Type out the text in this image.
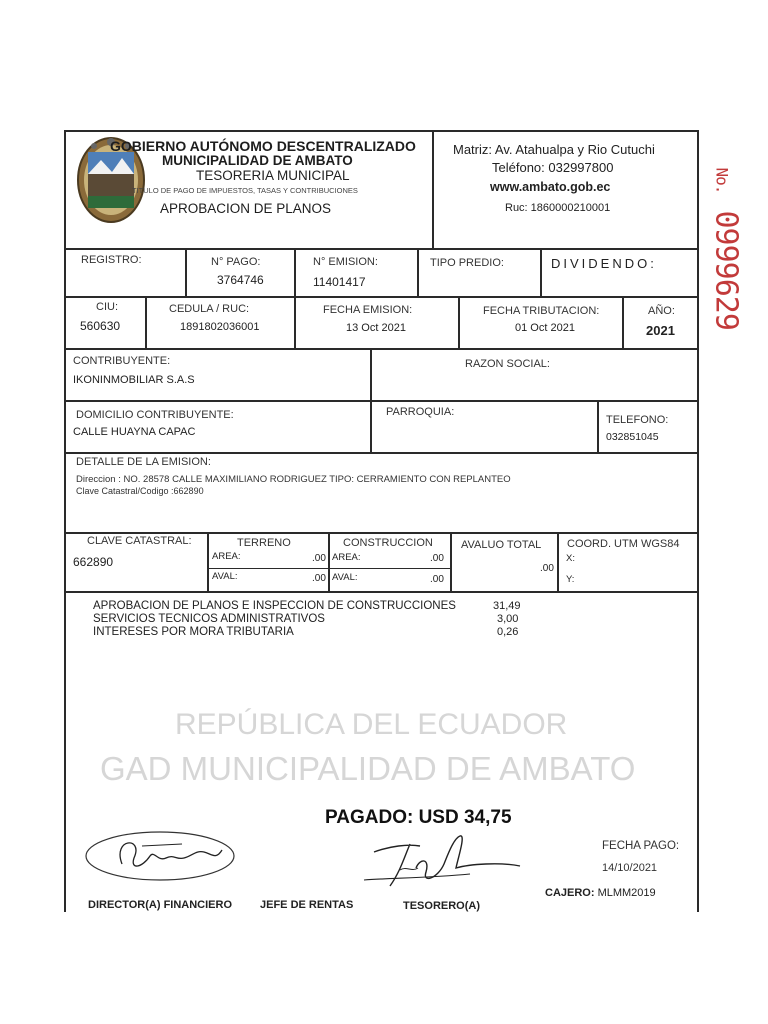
REPÚBLICA DEL ECUADOR
GAD MUNICIPALIDAD DE AMBATO
GOBIERNO AUTÓNOMO DESCENTRALIZADO
MUNICIPALIDAD DE AMBATO
TESORERIA MUNICIPAL
TITULO DE PAGO DE IMPUESTOS, TASAS Y CONTRIBUCIONES
APROBACION DE PLANOS
Matriz: Av. Atahualpa y Rio Cutuchi
Teléfono: 032997800
www.ambato.gob.ec
Ruc: 1860000210001
No. 0999629
REGISTRO:	N° PAGO:
3764746
N° EMISION:
11401417
TIPO PREDIO:	DIVIDENDO:
CIU:
560630
CEDULA / RUC:
1891802036001
FECHA EMISION:
13 Oct 2021
FECHA TRIBUTACION:
01 Oct 2021
AÑO:
2021
CONTRIBUYENTE:
IKONINMOBILIAR S.A.S
RAZON SOCIAL:
DOMICILIO CONTRIBUYENTE:
CALLE HUAYNA CAPAC
PARROQUIA:
TELEFONO:
032851045
DETALLE DE LA EMISION:
Direccion : NO. 28578 CALLE MAXIMILIANO RODRIGUEZ TIPO: CERRAMIENTO CON REPLANTEO
Clave Catastral/Codigo :662890
CLAVE CATASTRAL:
662890
TERRENO
AREA:	.00
AVAL:	.00
CONSTRUCCION
AREA:	.00
AVAL:	.00
AVALUO TOTAL
.00
COORD. UTM WGS84
X:
Y:
APROBACION DE PLANOS E INSPECCION DE CONSTRUCCIONES	31,49
SERVICIOS TECNICOS ADMINISTRATIVOS	3,00
INTERESES POR MORA TRIBUTARIA	0,26
PAGADO: USD 34,75
FECHA PAGO:
14/10/2021
CAJERO: MLMM2019
DIRECTOR(A) FINANCIERO	JEFE DE RENTAS	TESORERO(A)
